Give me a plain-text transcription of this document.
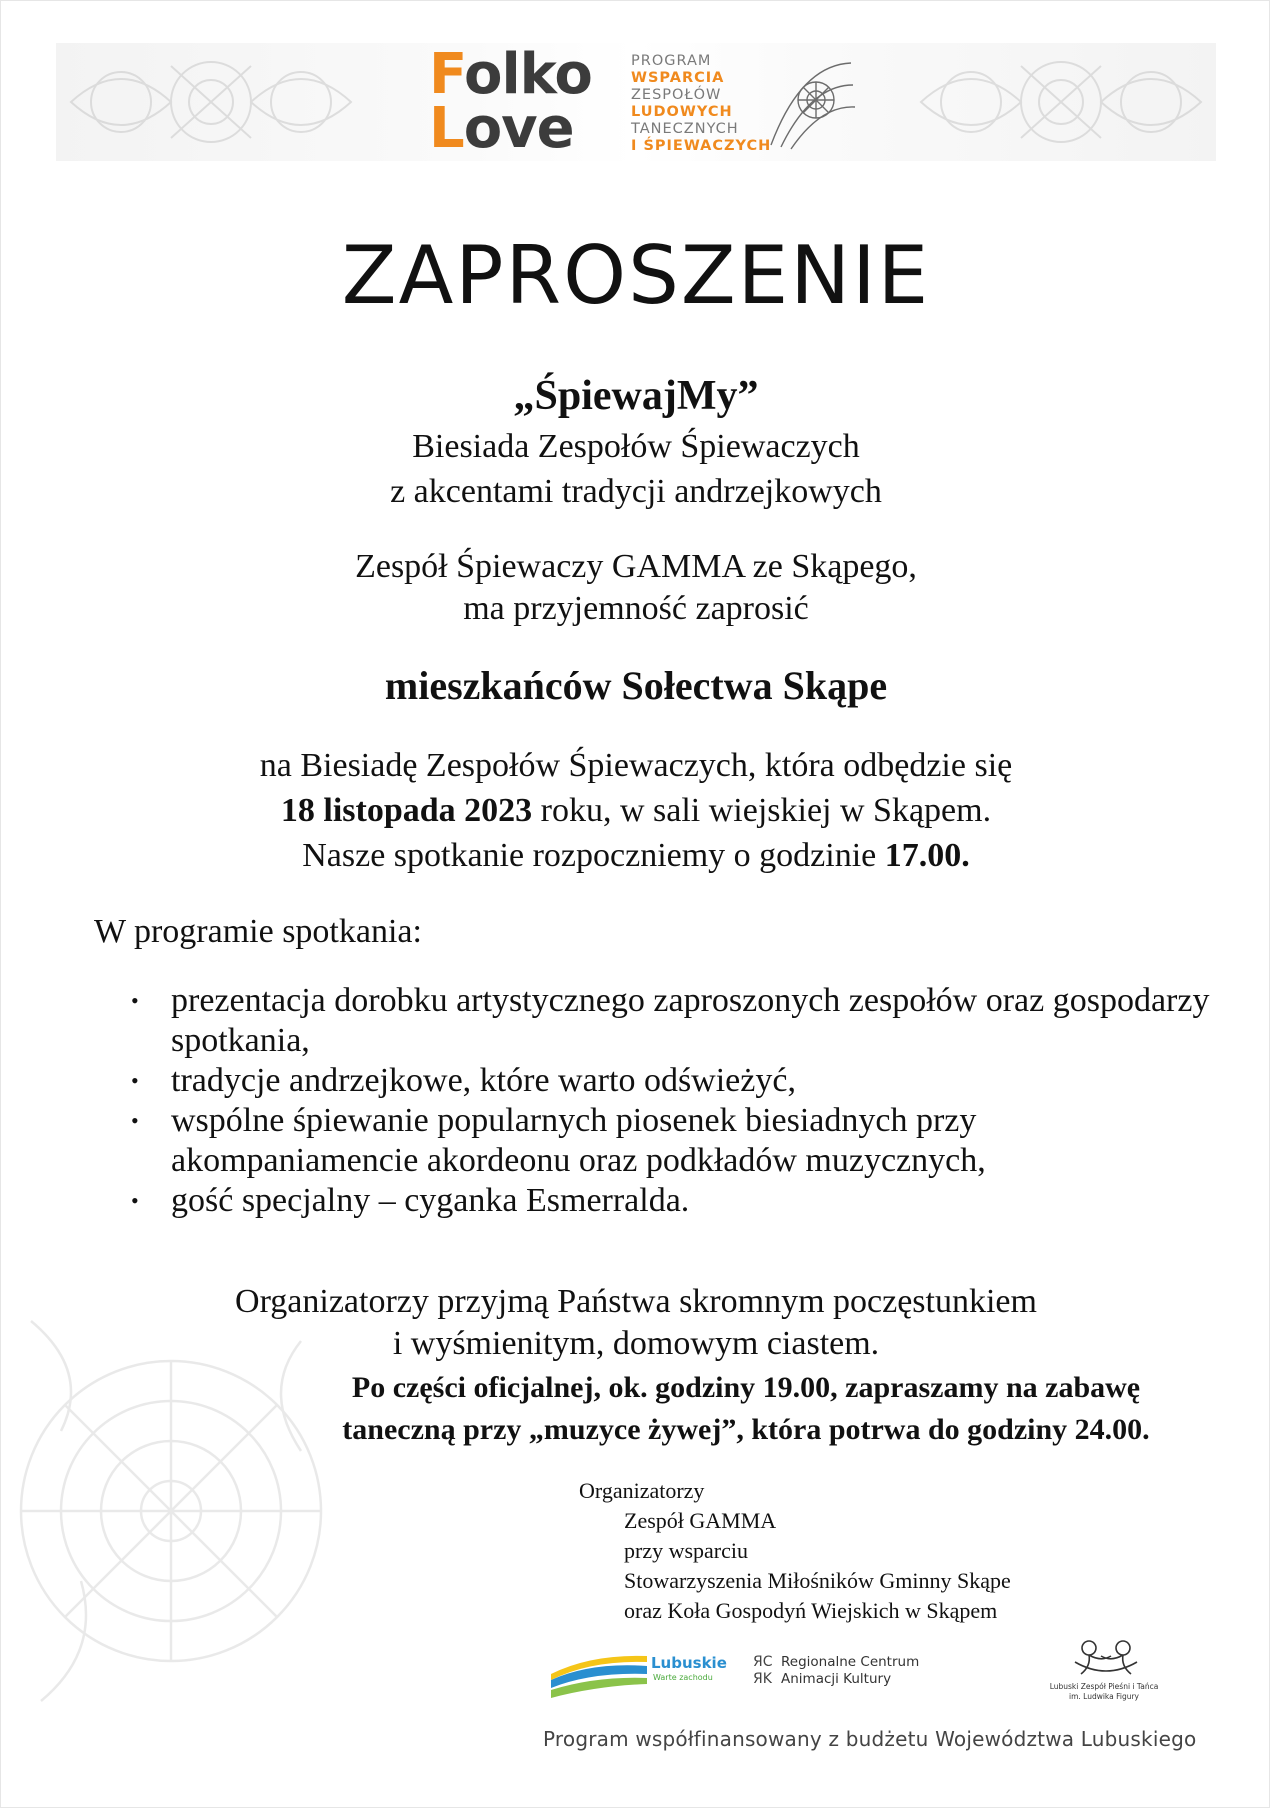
Folko
Love
PROGRAM
WSPARCIA
ZESPOŁÓW
LUDOWYCH
TANECZNYCH
I ŚPIEWACZYCH
ZAPROSZENIE
„ŚpiewajMy”
Biesiada Zespołów Śpiewaczych
z akcentami tradycji andrzejkowych
Zespół Śpiewaczy GAMMA ze Skąpego,
ma przyjemność zaprosić
mieszkańców Sołectwa Skąpe
na Biesiadę Zespołów Śpiewaczych, która odbędzie się
18 listopada 2023 roku, w sali wiejskiej w Skąpem.
Nasze spotkanie rozpoczniemy o godzinie 17.00.
W programie spotkania:
• prezentacja dorobku artystycznego zaproszonych zespołów oraz gospodarzy spotkania,
• tradycje andrzejkowe, które warto odświeżyć,
• wspólne śpiewanie popularnych piosenek biesiadnych przy akompaniamencie akordeonu oraz podkładów muzycznych,
• gość specjalny – cyganka Esmerralda.
Organizatorzy przyjmą Państwa skromnym poczęstunkiem
i wyśmienitym, domowym ciastem.
Po części oficjalnej, ok. godziny 19.00, zapraszamy na zabawę
taneczną przy „muzyce żywej”, która potrwa do godziny 24.00.
Organizatorzy
Zespół GAMMA
przy wsparciu
Stowarzyszenia Miłośników Gminny Skąpe
oraz Koła Gospodyń Wiejskich w Skąpem
Lubuskie
Warte zachodu
ЯC
ЯK
Regionalne Centrum
Animacji Kultury	Lubuski Zespół Pieśni i Tańca
im. Ludwika Figury
Program współfinansowany z budżetu Województwa Lubuskiego
